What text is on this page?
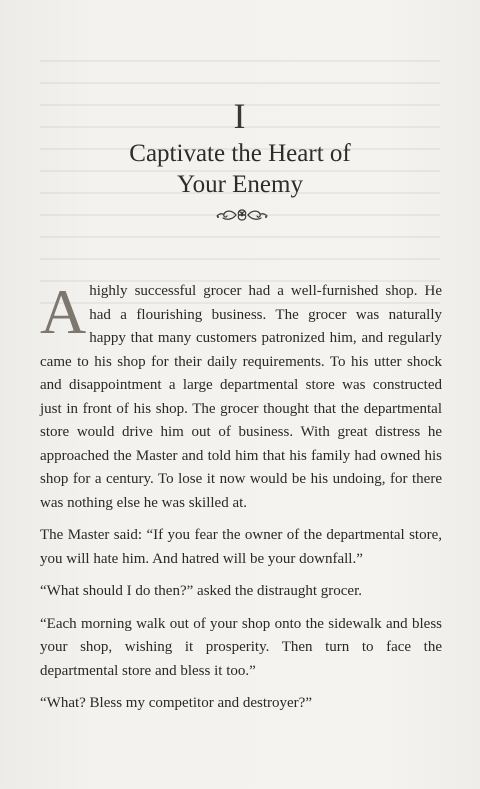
I
Captivate the Heart of
Your Enemy

Ahighly successful grocer had a well-furnished shop. He had a flourishing business. The grocer was naturally happy that many customers patronized him, and regularly came to his shop for their daily requirements. To his utter shock and disappointment a large departmental store was constructed just in front of his shop. The grocer thought that the departmental store would drive him out of business. With great distress he approached the Master and told him that his family had owned his shop for a century. To lose it now would be his undoing, for there was nothing else he was skilled at.

The Master said: “If you fear the owner of the departmental store, you will hate him. And hatred will be your downfall.”

“What should I do then?” asked the distraught grocer.

“Each morning walk out of your shop onto the sidewalk and bless your shop, wishing it prosperity. Then turn to face the departmental store and bless it too.”

“What? Bless my competitor and destroyer?”
